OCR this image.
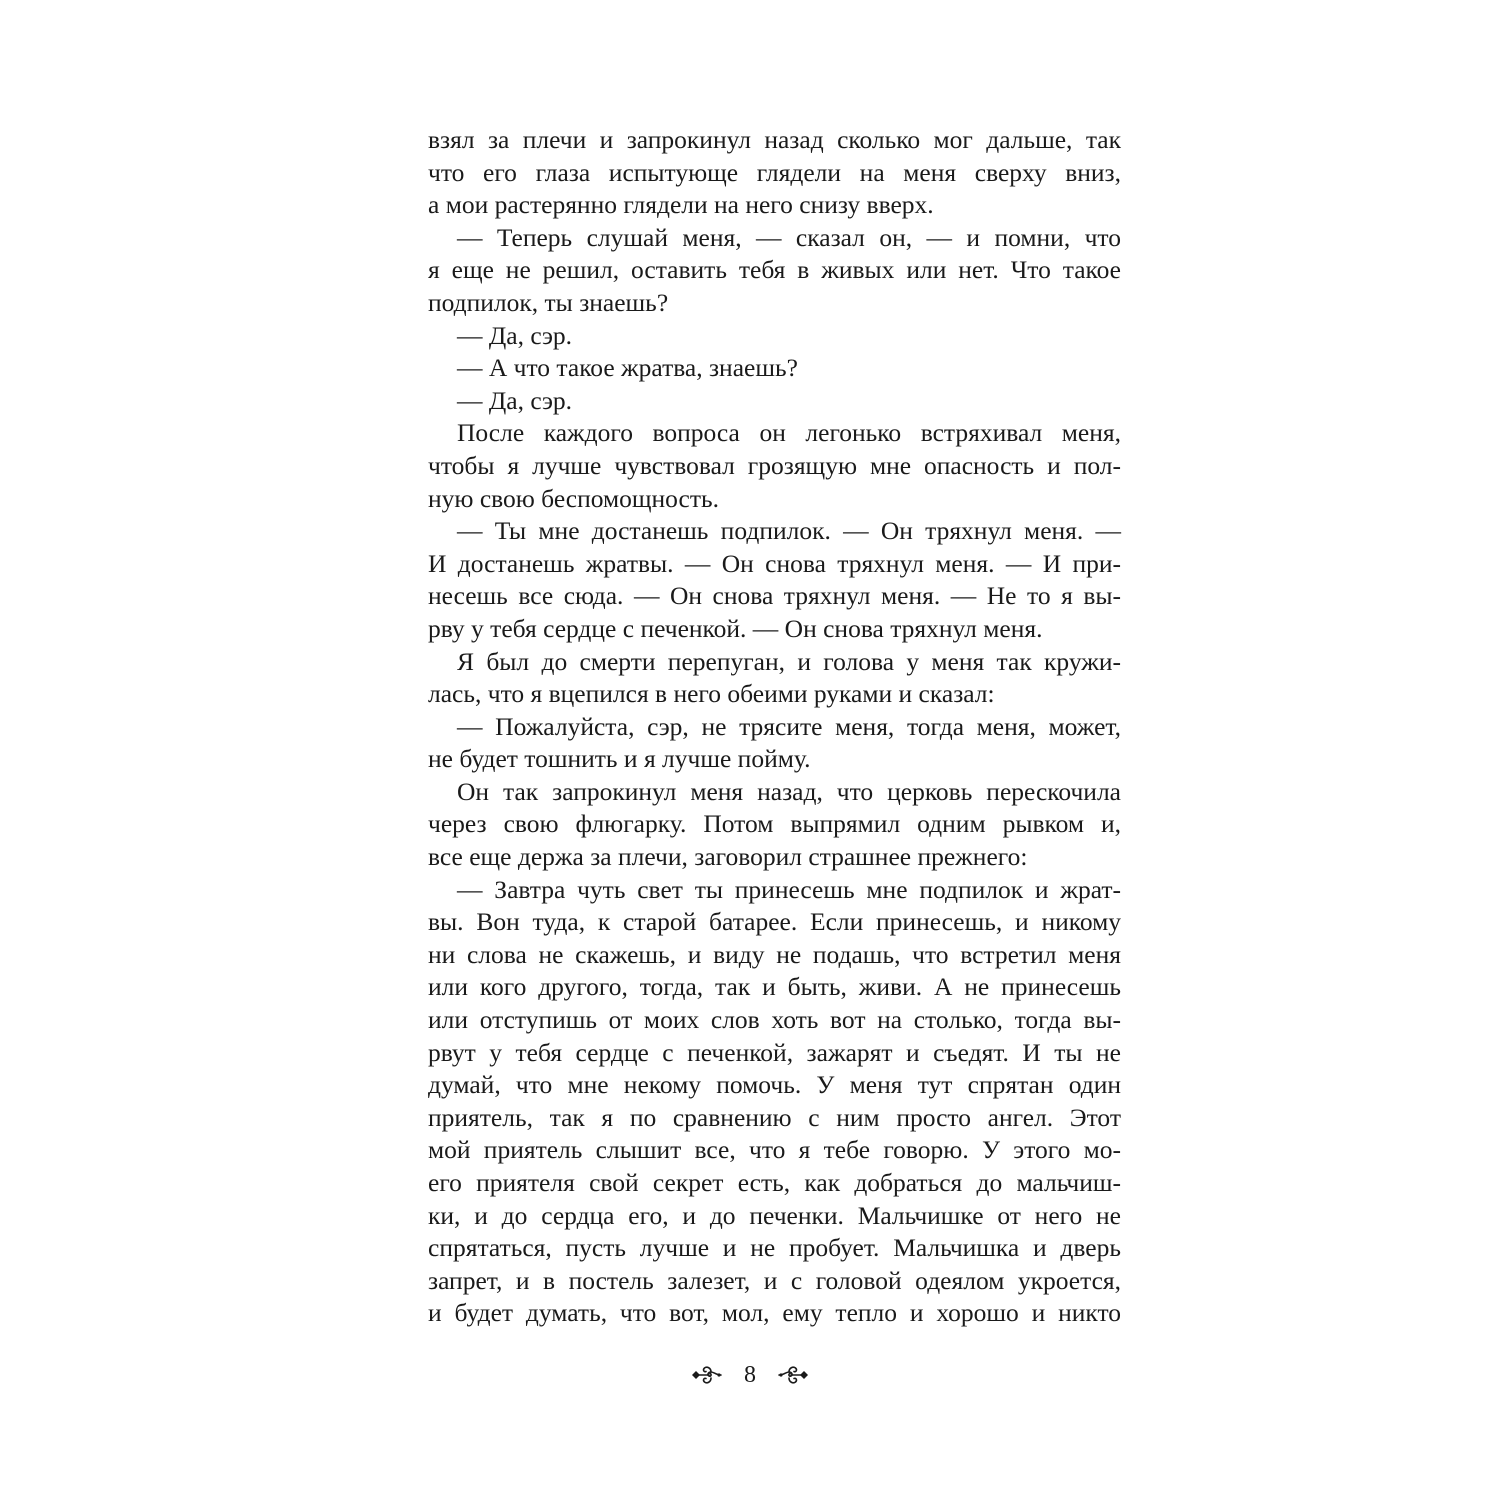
взял за плечи и запрокинул назад сколько мог дальше, так
что его глаза испытующе глядели на меня сверху вниз,
а мои растерянно глядели на него снизу вверх.
— Теперь слушай меня, — сказал он, — и помни, что
я еще не решил, оставить тебя в живых или нет. Что такое
подпилок, ты знаешь?
— Да, сэр.
— А что такое жратва, знаешь?
— Да, сэр.
После каждого вопроса он легонько встряхивал меня,
чтобы я лучше чувствовал грозящую мне опасность и пол-
ную свою беспомощность.
— Ты мне достанешь подпилок. — Он тряхнул меня. —
И достанешь жратвы. — Он снова тряхнул меня. — И при-
несешь все сюда. — Он снова тряхнул меня. — Не то я вы-
рву у тебя сердце с печенкой. — Он снова тряхнул меня.
Я был до смерти перепуган, и голова у меня так кружи-
лась, что я вцепился в него обеими руками и сказал:
— Пожалуйста, сэр, не трясите меня, тогда меня, может,
не будет тошнить и я лучше пойму.
Он так запрокинул меня назад, что церковь перескочила
через свою флюгарку. Потом выпрямил одним рывком и,
все еще держа за плечи, заговорил страшнее прежнего:
— Завтра чуть свет ты принесешь мне подпилок и жрат-
вы. Вон туда, к старой батарее. Если принесешь, и никому
ни слова не скажешь, и виду не подашь, что встретил меня
или кого другого, тогда, так и быть, живи. А не принесешь
или отступишь от моих слов хоть вот на столько, тогда вы-
рвут у тебя сердце с печенкой, зажарят и съедят. И ты не
думай, что мне некому помочь. У меня тут спрятан один
приятель, так я по сравнению с ним просто ангел. Этот
мой приятель слышит все, что я тебе говорю. У этого мо-
его приятеля свой секрет есть, как добраться до мальчиш-
ки, и до сердца его, и до печенки. Мальчишке от него не
спрятаться, пусть лучше и не пробует. Мальчишка и дверь
запрет, и в постель залезет, и с головой одеялом укроется,
и будет думать, что вот, мол, ему тепло и хорошо и никто
8
